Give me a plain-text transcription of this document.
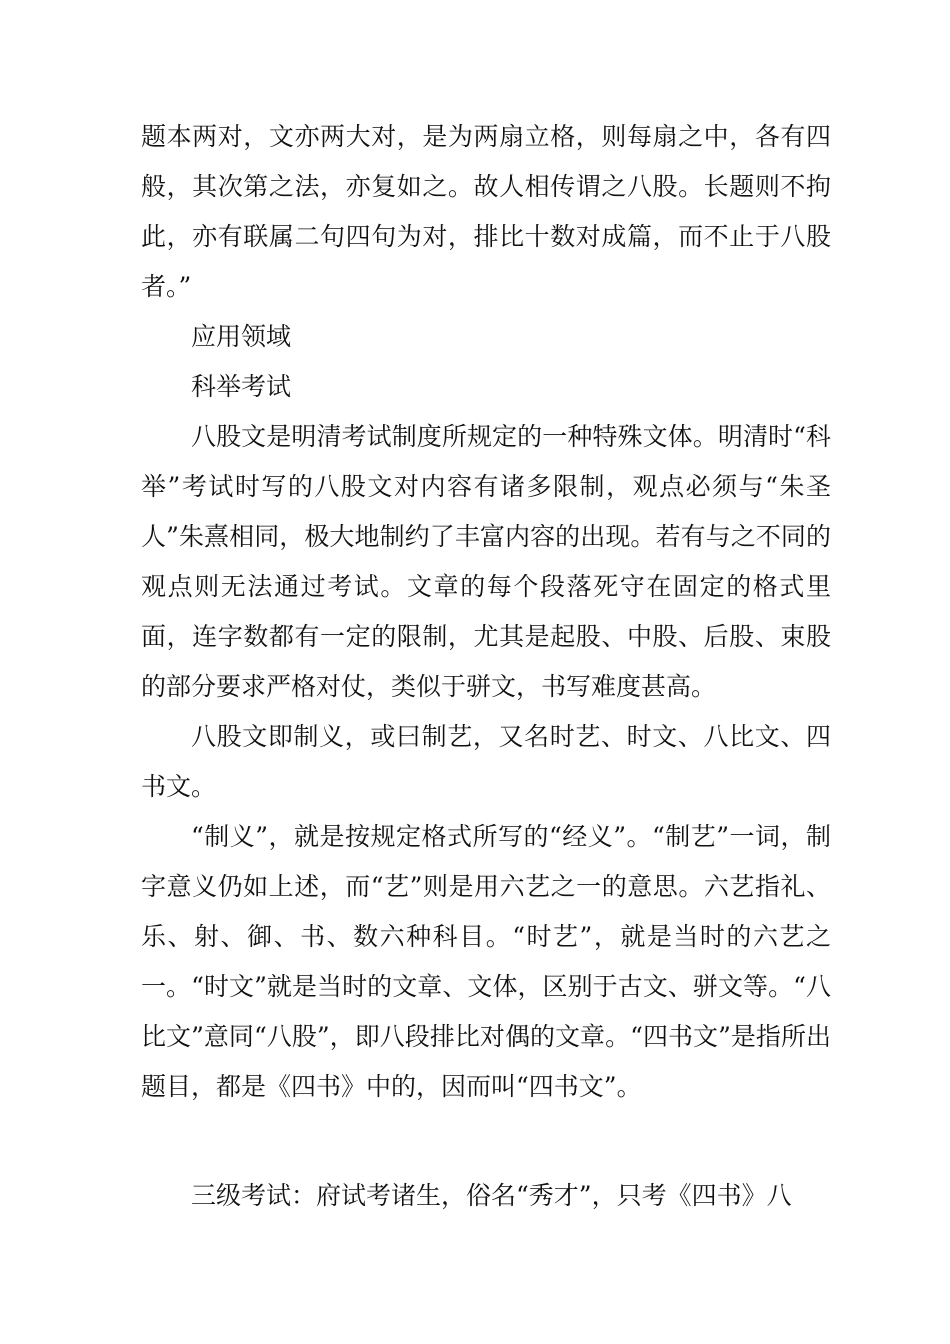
题本两对，文亦两大对，是为两扇立格，则每扇之中，各有四般，其次第之法，亦复如之。故人相传谓之八股。长题则不拘此，亦有联属二句四句为对，排比十数对成篇，而不止于八股者。”

应用领域

科举考试

八股文是明清考试制度所规定的一种特殊文体。明清时“科举”考试时写的八股文对内容有诸多限制，观点必须与“朱圣人”朱熹相同，极大地制约了丰富内容的出现。若有与之不同的观点则无法通过考试。文章的每个段落死守在固定的格式里面，连字数都有一定的限制，尤其是起股、中股、后股、束股的部分要求严格对仗，类似于骈文，书写难度甚高。

八股文即制义，或曰制艺，又名时艺、时文、八比文、四书文。

“制义”，就是按规定格式所写的“经义”。“制艺”一词，制字意义仍如上述，而“艺”则是用六艺之一的意思。六艺指礼、乐、射、御、书、数六种科目。“时艺”，就是当时的六艺之一。“时文”就是当时的文章、文体，区别于古文、骈文等。“八比文”意同“八股”，即八段排比对偶的文章。“四书文”是指所出题目，都是《四书》中的，因而叫“四书文”。

三级考试：府试考诸生，俗名“秀才”，只考《四书》八
